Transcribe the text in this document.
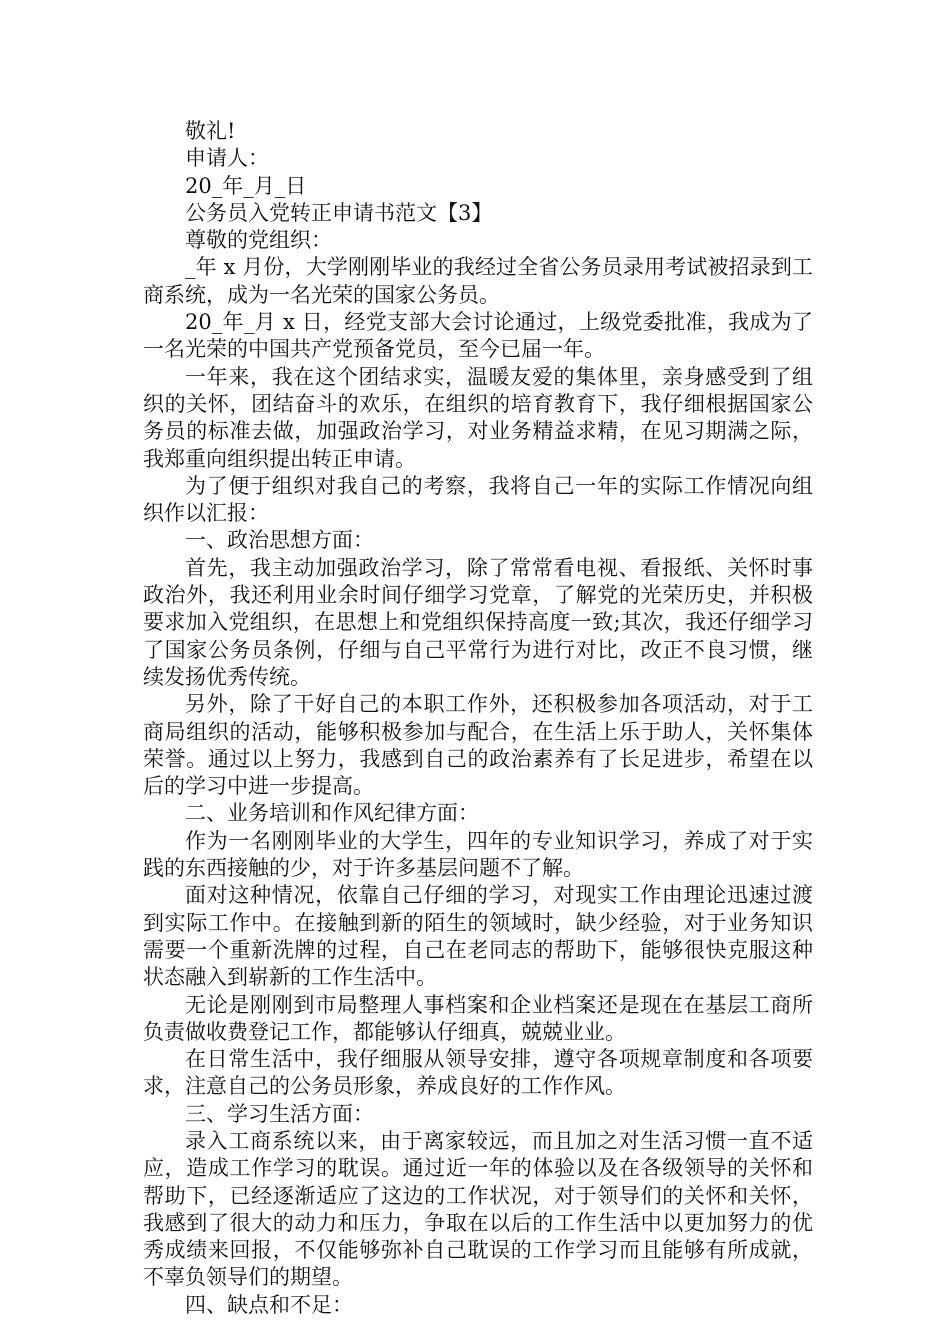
敬礼!

申请人：

20_年_月_日

公务员入党转正申请书范文【3】

尊敬的党组织：

_年 x 月份，大学刚刚毕业的我经过全省公务员录用考试被招录到工商系统，成为一名光荣的国家公务员。

20_年_月 x 日，经党支部大会讨论通过，上级党委批准，我成为了一名光荣的中国共产党预备党员，至今已届一年。

一年来，我在这个团结求实，温暖友爱的集体里，亲身感受到了组织的关怀，团结奋斗的欢乐，在组织的培育教育下，我仔细根据国家公务员的标准去做，加强政治学习，对业务精益求精，在见习期满之际，我郑重向组织提出转正申请。

为了便于组织对我自己的考察，我将自己一年的实际工作情况向组织作以汇报：

一、政治思想方面：

首先，我主动加强政治学习，除了常常看电视、看报纸、关怀时事政治外，我还利用业余时间仔细学习党章，了解党的光荣历史，并积极要求加入党组织，在思想上和党组织保持高度一致;其次，我还仔细学习了国家公务员条例，仔细与自己平常行为进行对比，改正不良习惯，继续发扬优秀传统。

另外，除了干好自己的本职工作外，还积极参加各项活动，对于工商局组织的活动，能够积极参加与配合，在生活上乐于助人，关怀集体荣誉。通过以上努力，我感到自己的政治素养有了长足进步，希望在以后的学习中进一步提高。

二、业务培训和作风纪律方面：

作为一名刚刚毕业的大学生，四年的专业知识学习，养成了对于实践的东西接触的少，对于许多基层问题不了解。

面对这种情况，依靠自己仔细的学习，对现实工作由理论迅速过渡到实际工作中。在接触到新的陌生的领域时，缺少经验，对于业务知识需要一个重新洗牌的过程，自己在老同志的帮助下，能够很快克服这种状态融入到崭新的工作生活中。

无论是刚刚到市局整理人事档案和企业档案还是现在在基层工商所负责做收费登记工作，都能够认仔细真，兢兢业业。

在日常生活中，我仔细服从领导安排，遵守各项规章制度和各项要求，注意自己的公务员形象，养成良好的工作作风。

三、学习生活方面：

录入工商系统以来，由于离家较远，而且加之对生活习惯一直不适应，造成工作学习的耽误。通过近一年的体验以及在各级领导的关怀和帮助下，已经逐渐适应了这边的工作状况，对于领导们的关怀和关怀，我感到了很大的动力和压力，争取在以后的工作生活中以更加努力的优秀成绩来回报，不仅能够弥补自己耽误的工作学习而且能够有所成就，不辜负领导们的期望。

四、缺点和不足：
